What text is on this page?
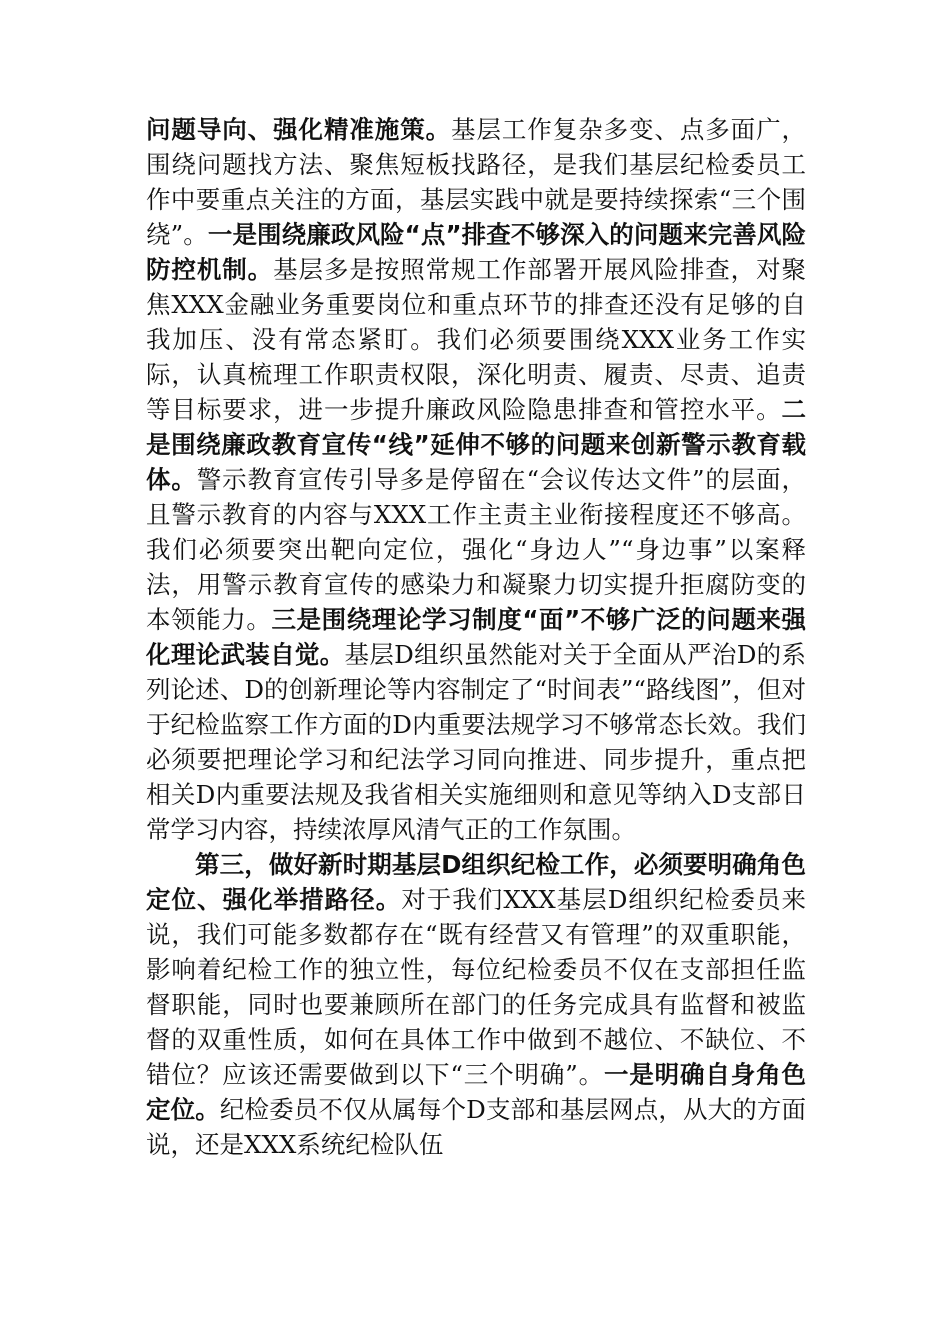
问题导向、强化精准施策。基层工作复杂多变、点多面广，围绕问题找方法、聚焦短板找路径，是我们基层纪检委员工作中要重点关注的方面，基层实践中就是要持续探索“三个围绕”。一是围绕廉政风险“点”排查不够深入的问题来完善风险防控机制。基层多是按照常规工作部署开展风险排查，对聚焦XXX金融业务重要岗位和重点环节的排查还没有足够的自我加压、没有常态紧盯。我们必须要围绕XXX业务工作实际，认真梳理工作职责权限，深化明责、履责、尽责、追责等目标要求，进一步提升廉政风险隐患排查和管控水平。二是围绕廉政教育宣传“线”延伸不够的问题来创新警示教育载体。警示教育宣传引导多是停留在“会议传达文件”的层面，且警示教育的内容与XXX工作主责主业衔接程度还不够高。我们必须要突出靶向定位，强化“身边人”“身边事”以案释法，用警示教育宣传的感染力和凝聚力切实提升拒腐防变的本领能力。三是围绕理论学习制度“面”不够广泛的问题来强化理论武装自觉。基层D组织虽然能对关于全面从严治D的系列论述、D的创新理论等内容制定了“时间表”“路线图”，但对于纪检监察工作方面的D内重要法规学习不够常态长效。我们必须要把理论学习和纪法学习同向推进、同步提升，重点把相关D内重要法规及我省相关实施细则和意见等纳入D支部日常学习内容，持续浓厚风清气正的工作氛围。

第三，做好新时期基层D组织纪检工作，必须要明确角色定位、强化举措路径。对于我们XXX基层D组织纪检委员来说，我们可能多数都存在“既有经营又有管理”的双重职能，影响着纪检工作的独立性，每位纪检委员不仅在支部担任监督职能，同时也要兼顾所在部门的任务完成具有监督和被监督的双重性质，如何在具体工作中做到不越位、不缺位、不错位？应该还需要做到以下“三个明确”。一是明确自身角色定位。纪检委员不仅从属每个D支部和基层网点，从大的方面说，还是XXX系统纪检队伍
